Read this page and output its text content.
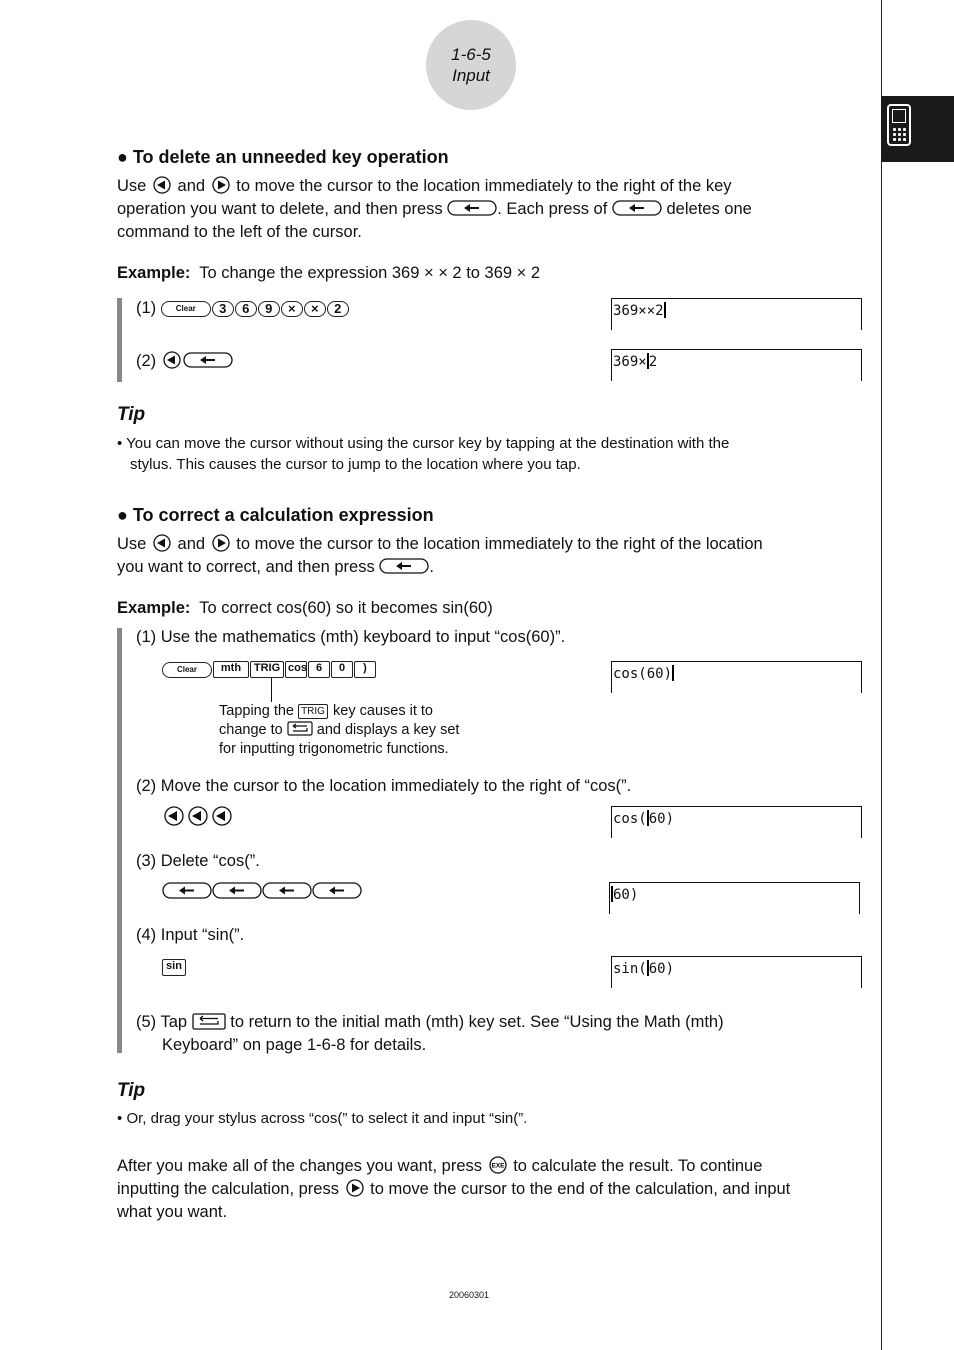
1-6-5
Input
● To delete an unneeded key operation
Use and to move the cursor to the location immediately to the right of the key
operation you want to delete, and then press	. Each press of	deletes one
command to the left of the cursor.
Example: To change the expression 369 × × 2 to 369 × 2
(1) Clear 3 6 9 × × 2	369××2
(2)	369× 2
Tip
• You can move the cursor without using the cursor key by tapping at the destination with the
stylus. This causes the cursor to jump to the location where you tap.
● To correct a calculation expression
Use and to move the cursor to the location immediately to the right of the location
you want to correct, and then press	.
Example: To correct cos(60) so it becomes sin(60)
(1) Use the mathematics (mth) keyboard to input “cos(60)”.
Clear mth TRIG cos 6 0 )
Tapping the TRIG key causes it to
change to and displays a key set
for inputting trigonometric functions.
cos(60)
(2) Move the cursor to the location immediately to the right of “cos(”.
cos( 60)
(3) Delete “cos(”.
60)
(4) Input “sin(”.
sin	sin( 60)
(5) Tap	to return to the initial math (mth) key set. See “Using the Math (mth)
Keyboard” on page 1-6-8 for details.
Tip
• Or, drag your stylus across “cos(” to select it and input “sin(”.
After you make all of the changes you want, press EXE to calculate the result. To continue
inputting the calculation, press to move the cursor to the end of the calculation, and input
what you want.
20060301
